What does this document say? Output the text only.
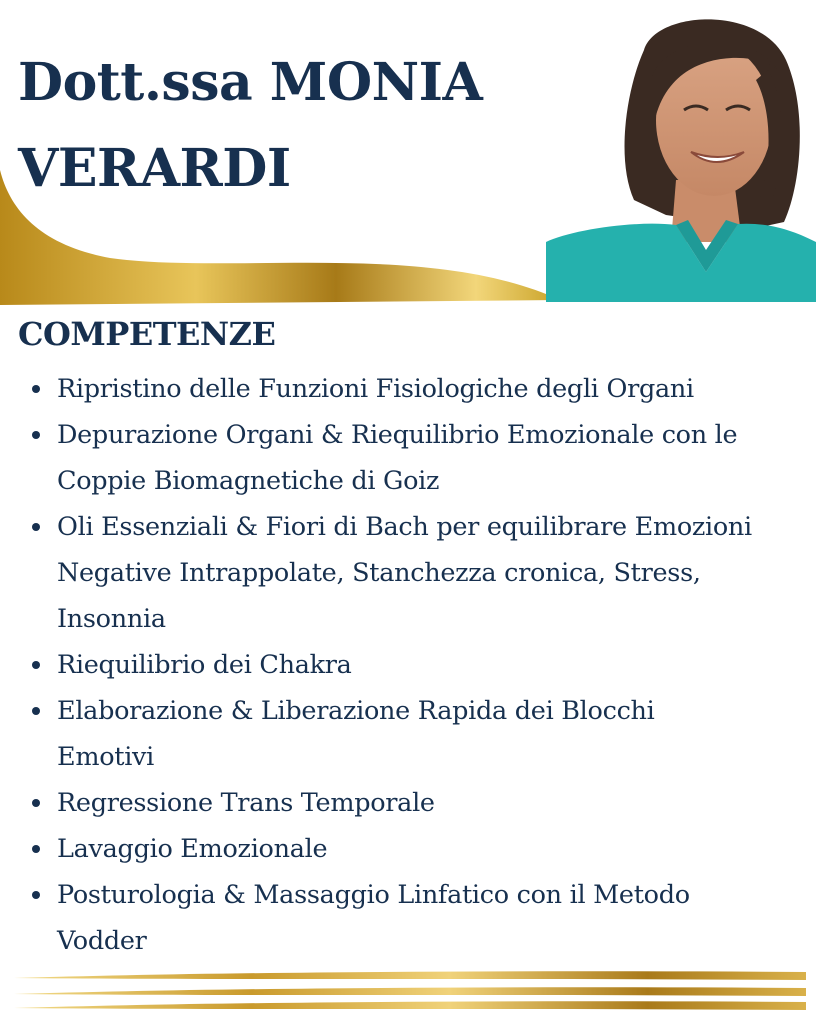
Dott.ssa MONIA
VERARDI
COMPETENZE
Ripristino delle Funzioni Fisiologiche degli Organi
Depurazione Organi & Riequilibrio Emozionale con le Coppie Biomagnetiche di Goiz
Oli Essenziali & Fiori di Bach per equilibrare Emozioni Negative Intrappolate, Stanchezza cronica, Stress, Insonnia
Riequilibrio dei Chakra
Elaborazione & Liberazione Rapida dei Blocchi Emotivi
Regressione Trans Temporale
Lavaggio Emozionale
Posturologia & Massaggio Linfatico con il Metodo Vodder
